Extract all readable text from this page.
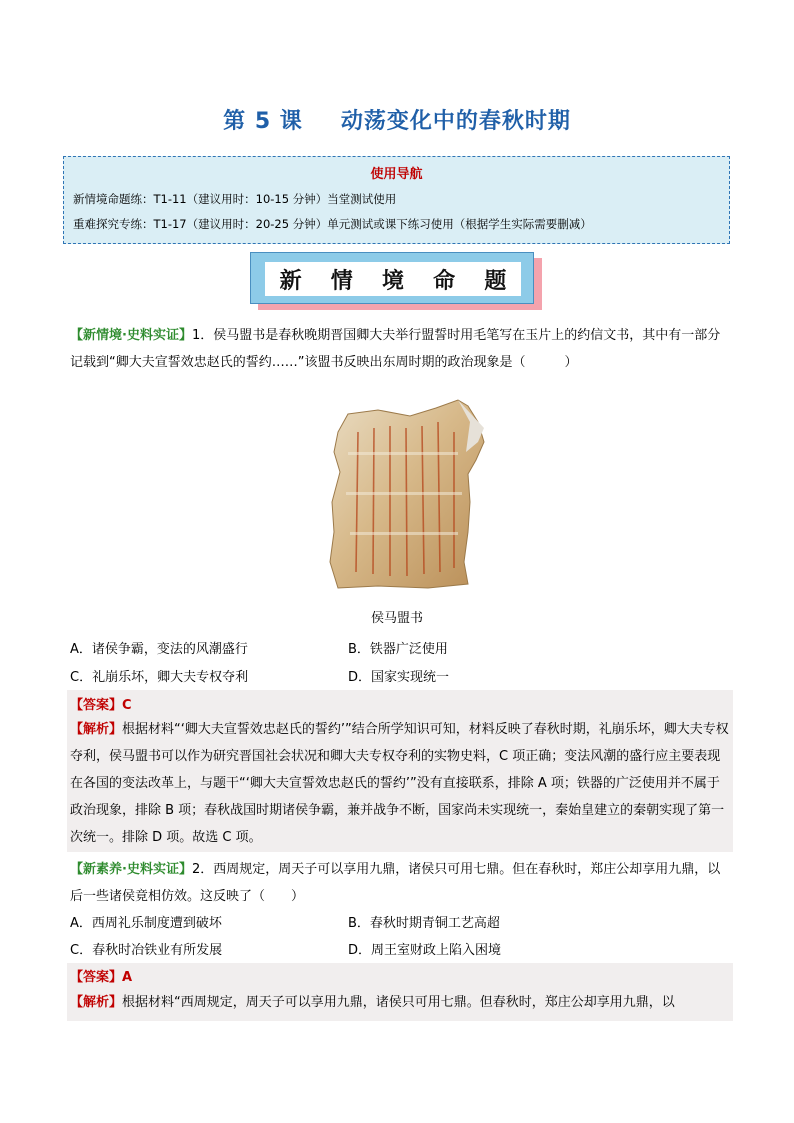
第 5 课 动荡变化中的春秋时期
使用导航
新情境命题练：T1-11（建议用时：10-15 分钟）当堂测试使用
重难探究专练：T1-17（建议用时：20-25 分钟）单元测试或课下练习使用（根据学生实际需要删减）
新 情 境 命 题
【新情境·史料实证】1．侯马盟书是春秋晚期晋国卿大夫举行盟誓时用毛笔写在玉片上的约信文书，其中有一部分记载到“卿大夫宣誓效忠赵氏的誓约……”该盟书反映出东周时期的政治现象是（　　　）
侯马盟书
A．诸侯争霸，变法的风潮盛行	B．铁器广泛使用
C．礼崩乐坏，卿大夫专权夺利	D．国家实现统一
【答案】C
【解析】根据材料“‘卿大夫宣誓效忠赵氏的誓约’”结合所学知识可知，材料反映了春秋时期，礼崩乐坏，卿大夫专权夺利，侯马盟书可以作为研究晋国社会状况和卿大夫专权夺利的实物史料，C 项正确；变法风潮的盛行应主要表现在各国的变法改革上，与题干“‘卿大夫宣誓效忠赵氏的誓约’”没有直接联系，排除 A 项；铁器的广泛使用并不属于政治现象，排除 B 项；春秋战国时期诸侯争霸，兼并战争不断，国家尚未实现统一，秦始皇建立的秦朝实现了第一次统一。排除 D 项。故选 C 项。
【新素养·史料实证】2．西周规定，周天子可以享用九鼎，诸侯只可用七鼎。但在春秋时，郑庄公却享用九鼎，以后一些诸侯竟相仿效。这反映了（　　）
A．西周礼乐制度遭到破坏	B．春秋时期青铜工艺高超
C．春秋时冶铁业有所发展	D．周王室财政上陷入困境
【答案】A
【解析】根据材料“西周规定，周天子可以享用九鼎，诸侯只可用七鼎。但春秋时，郑庄公却享用九鼎，以
